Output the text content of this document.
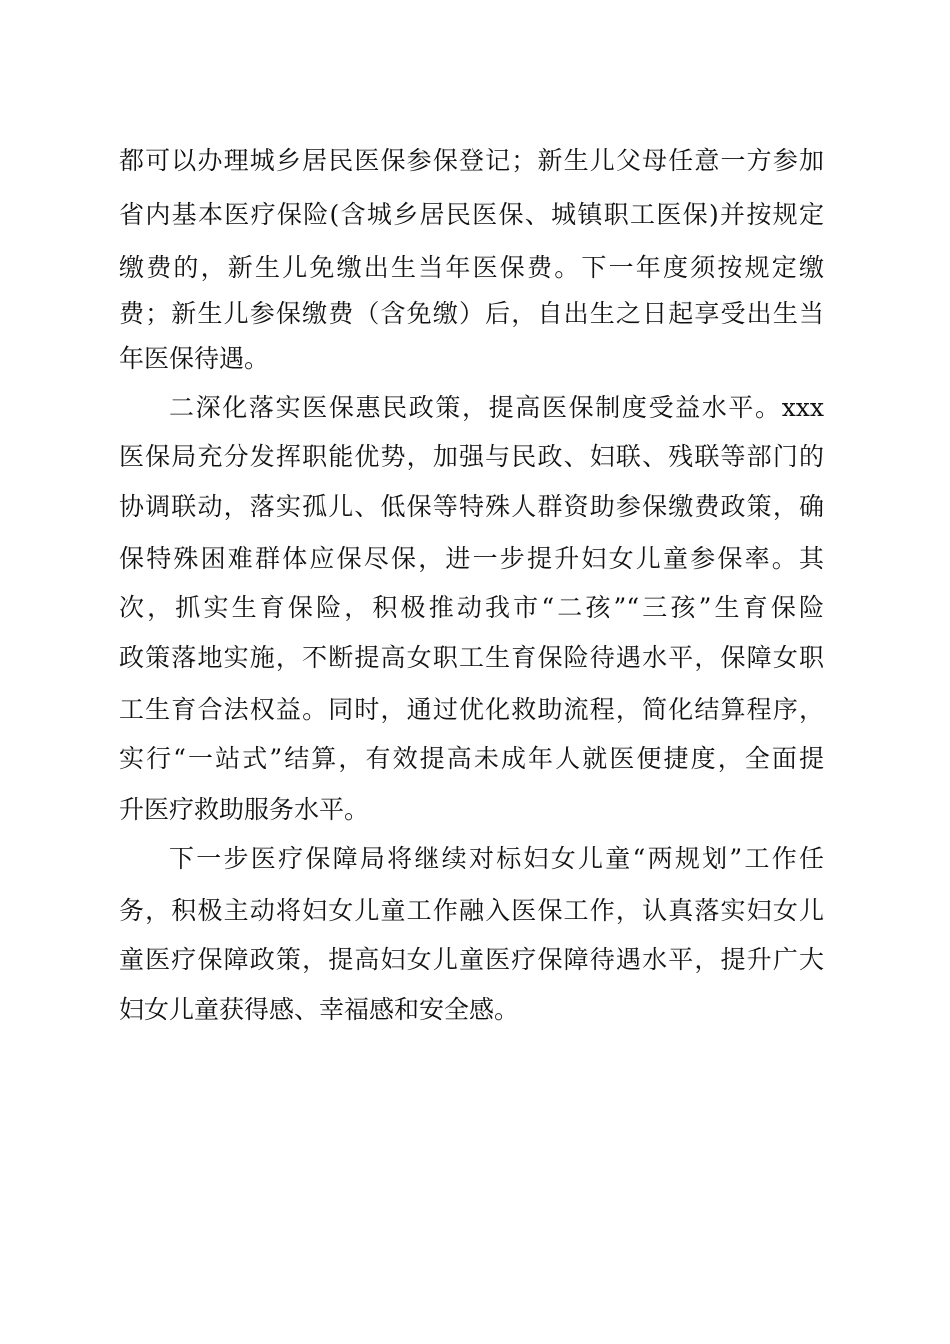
都可以办理城乡居民医保参保登记；新生儿父母任意一方参加
省内基本医疗保险(含城乡居民医保、城镇职工医保)并按规定
缴费的，新生儿免缴出生当年医保费。下一年度须按规定缴
费；新生儿参保缴费（含免缴）后，自出生之日起享受出生当
年医保待遇。
二深化落实医保惠民政策，提高医保制度受益水平。xxx
医保局充分发挥职能优势，加强与民政、妇联、残联等部门的
协调联动，落实孤儿、低保等特殊人群资助参保缴费政策，确
保特殊困难群体应保尽保，进一步提升妇女儿童参保率。其
次，抓实生育保险，积极推动我市“二孩”“三孩”生育保险
政策落地实施，不断提高女职工生育保险待遇水平，保障女职
工生育合法权益。同时，通过优化救助流程，简化结算程序，
实行“一站式”结算，有效提高未成年人就医便捷度，全面提
升医疗救助服务水平。
下一步医疗保障局将继续对标妇女儿童“两规划”工作任
务，积极主动将妇女儿童工作融入医保工作，认真落实妇女儿
童医疗保障政策，提高妇女儿童医疗保障待遇水平，提升广大
妇女儿童获得感、幸福感和安全感。
